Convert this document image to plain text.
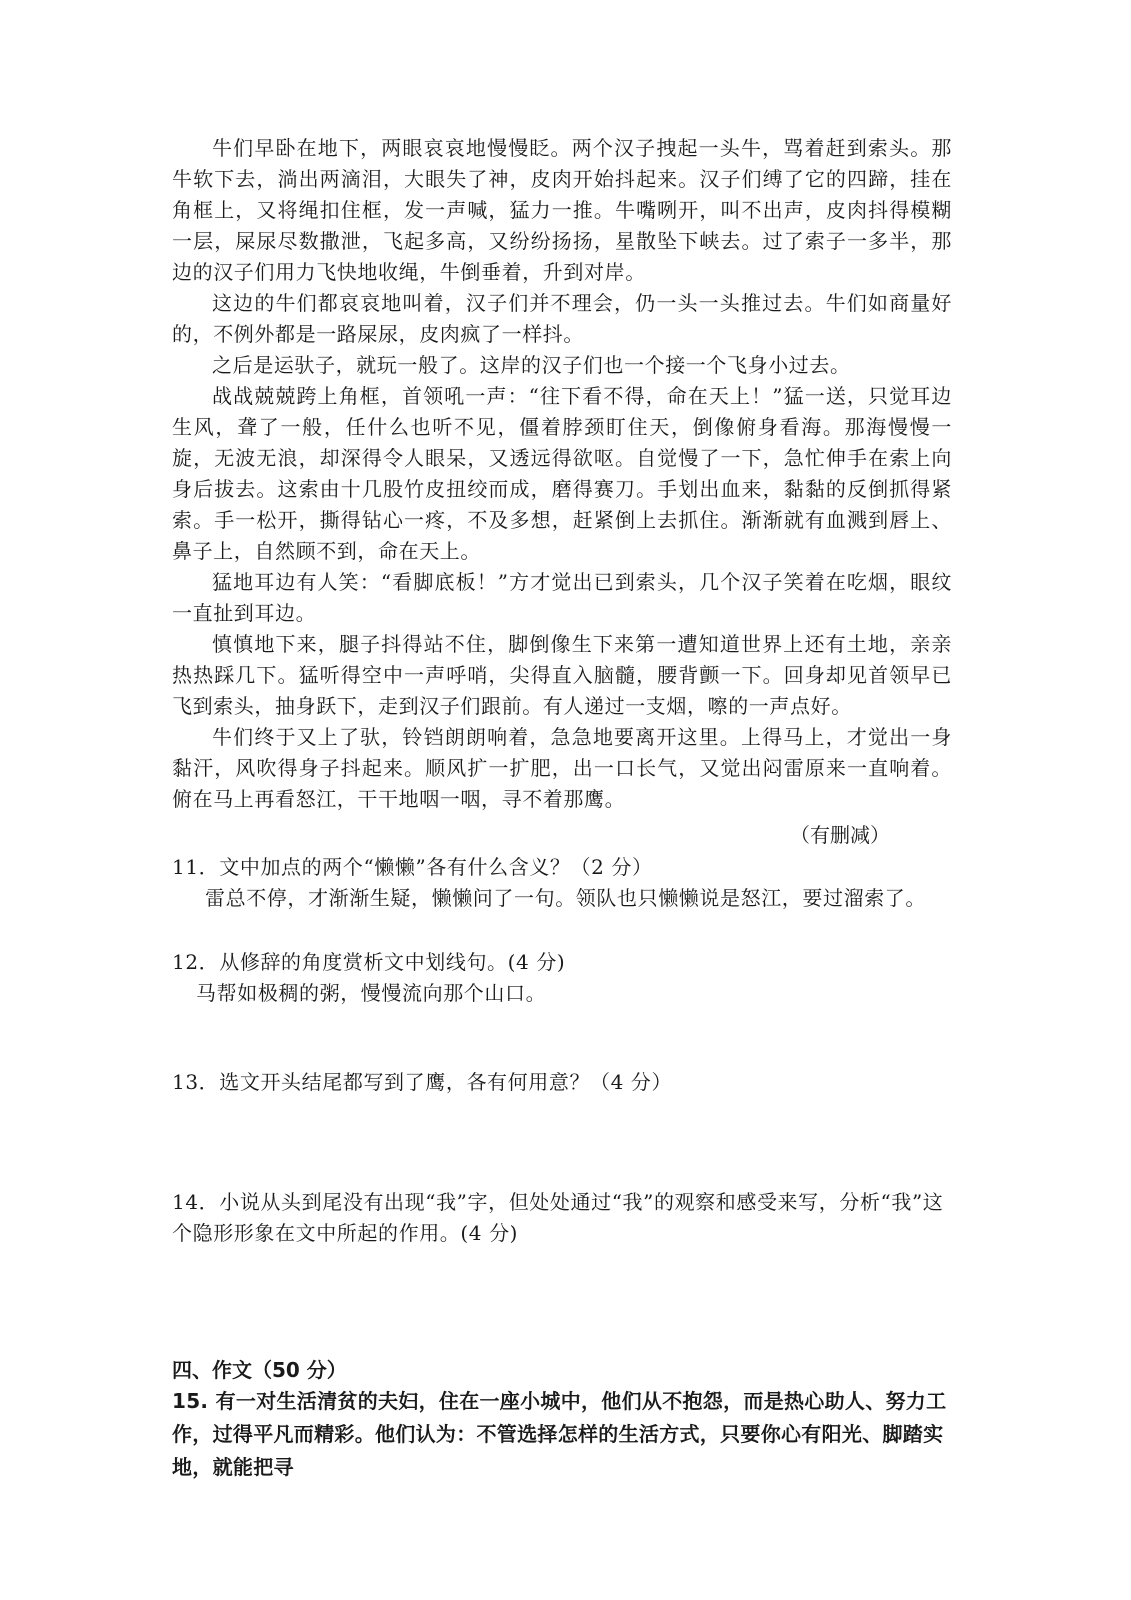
牛们早卧在地下，两眼哀哀地慢慢眨。两个汉子拽起一头牛，骂着赶到索头。那牛软下去，淌出两滴泪，大眼失了神，皮肉开始抖起来。汉子们缚了它的四蹄，挂在角框上，又将绳扣住框，发一声喊，猛力一推。牛嘴咧开，叫不出声，皮肉抖得模糊一层，屎尿尽数撒泄，飞起多高，又纷纷扬扬，星散坠下峡去。过了索子一多半，那边的汉子们用力飞快地收绳，牛倒垂着，升到对岸。

这边的牛们都哀哀地叫着，汉子们并不理会，仍一头一头推过去。牛们如商量好的，不例外都是一路屎尿，皮肉疯了一样抖。

之后是运驮子，就玩一般了。这岸的汉子们也一个接一个飞身小过去。

战战兢兢跨上角框，首领吼一声：“往下看不得，命在天上！”猛一送，只觉耳边生风，聋了一般，任什么也听不见，僵着脖颈盯住天，倒像俯身看海。那海慢慢一旋，无波无浪，却深得令人眼呆，又透远得欲呕。自觉慢了一下，急忙伸手在索上向身后拔去。这索由十几股竹皮扭绞而成，磨得赛刀。手划出血来，黏黏的反倒抓得紧索。手一松开，撕得钻心一疼，不及多想，赶紧倒上去抓住。渐渐就有血溅到唇上、鼻子上，自然顾不到，命在天上。

猛地耳边有人笑：“看脚底板！”方才觉出已到索头，几个汉子笑着在吃烟，眼纹一直扯到耳边。

慎慎地下来，腿子抖得站不住，脚倒像生下来第一遭知道世界上还有土地，亲亲热热踩几下。猛听得空中一声呼哨，尖得直入脑髓，腰背颤一下。回身却见首领早已飞到索头，抽身跃下，走到汉子们跟前。有人递过一支烟，嚓的一声点好。

牛们终于又上了驮，铃铛朗朗响着，急急地要离开这里。上得马上，才觉出一身黏汗，风吹得身子抖起来。顺风扩一扩肥，出一口长气，又觉出闷雷原来一直响着。俯在马上再看怒江，干干地咽一咽，寻不着那鹰。

（有删减）

11．文中加点的两个“懒懒”各有什么含义？（2 分）

雷总不停，才渐渐生疑，懒懒问了一句。领队也只懒懒说是怒江，要过溜索了。

12．从修辞的角度赏析文中划线句。(4 分)

马帮如极稠的粥，慢慢流向那个山口。

13．选文开头结尾都写到了鹰，各有何用意？（4 分）

14．小说从头到尾没有出现“我”字，但处处通过“我”的观察和感受来写，分析“我”这个隐形形象在文中所起的作用。(4 分)

四、作文（50 分）

15. 有一对生活清贫的夫妇，住在一座小城中，他们从不抱怨，而是热心助人、努力工作，过得平凡而精彩。他们认为：不管选择怎样的生活方式，只要你心有阳光、脚踏实地，就能把寻
